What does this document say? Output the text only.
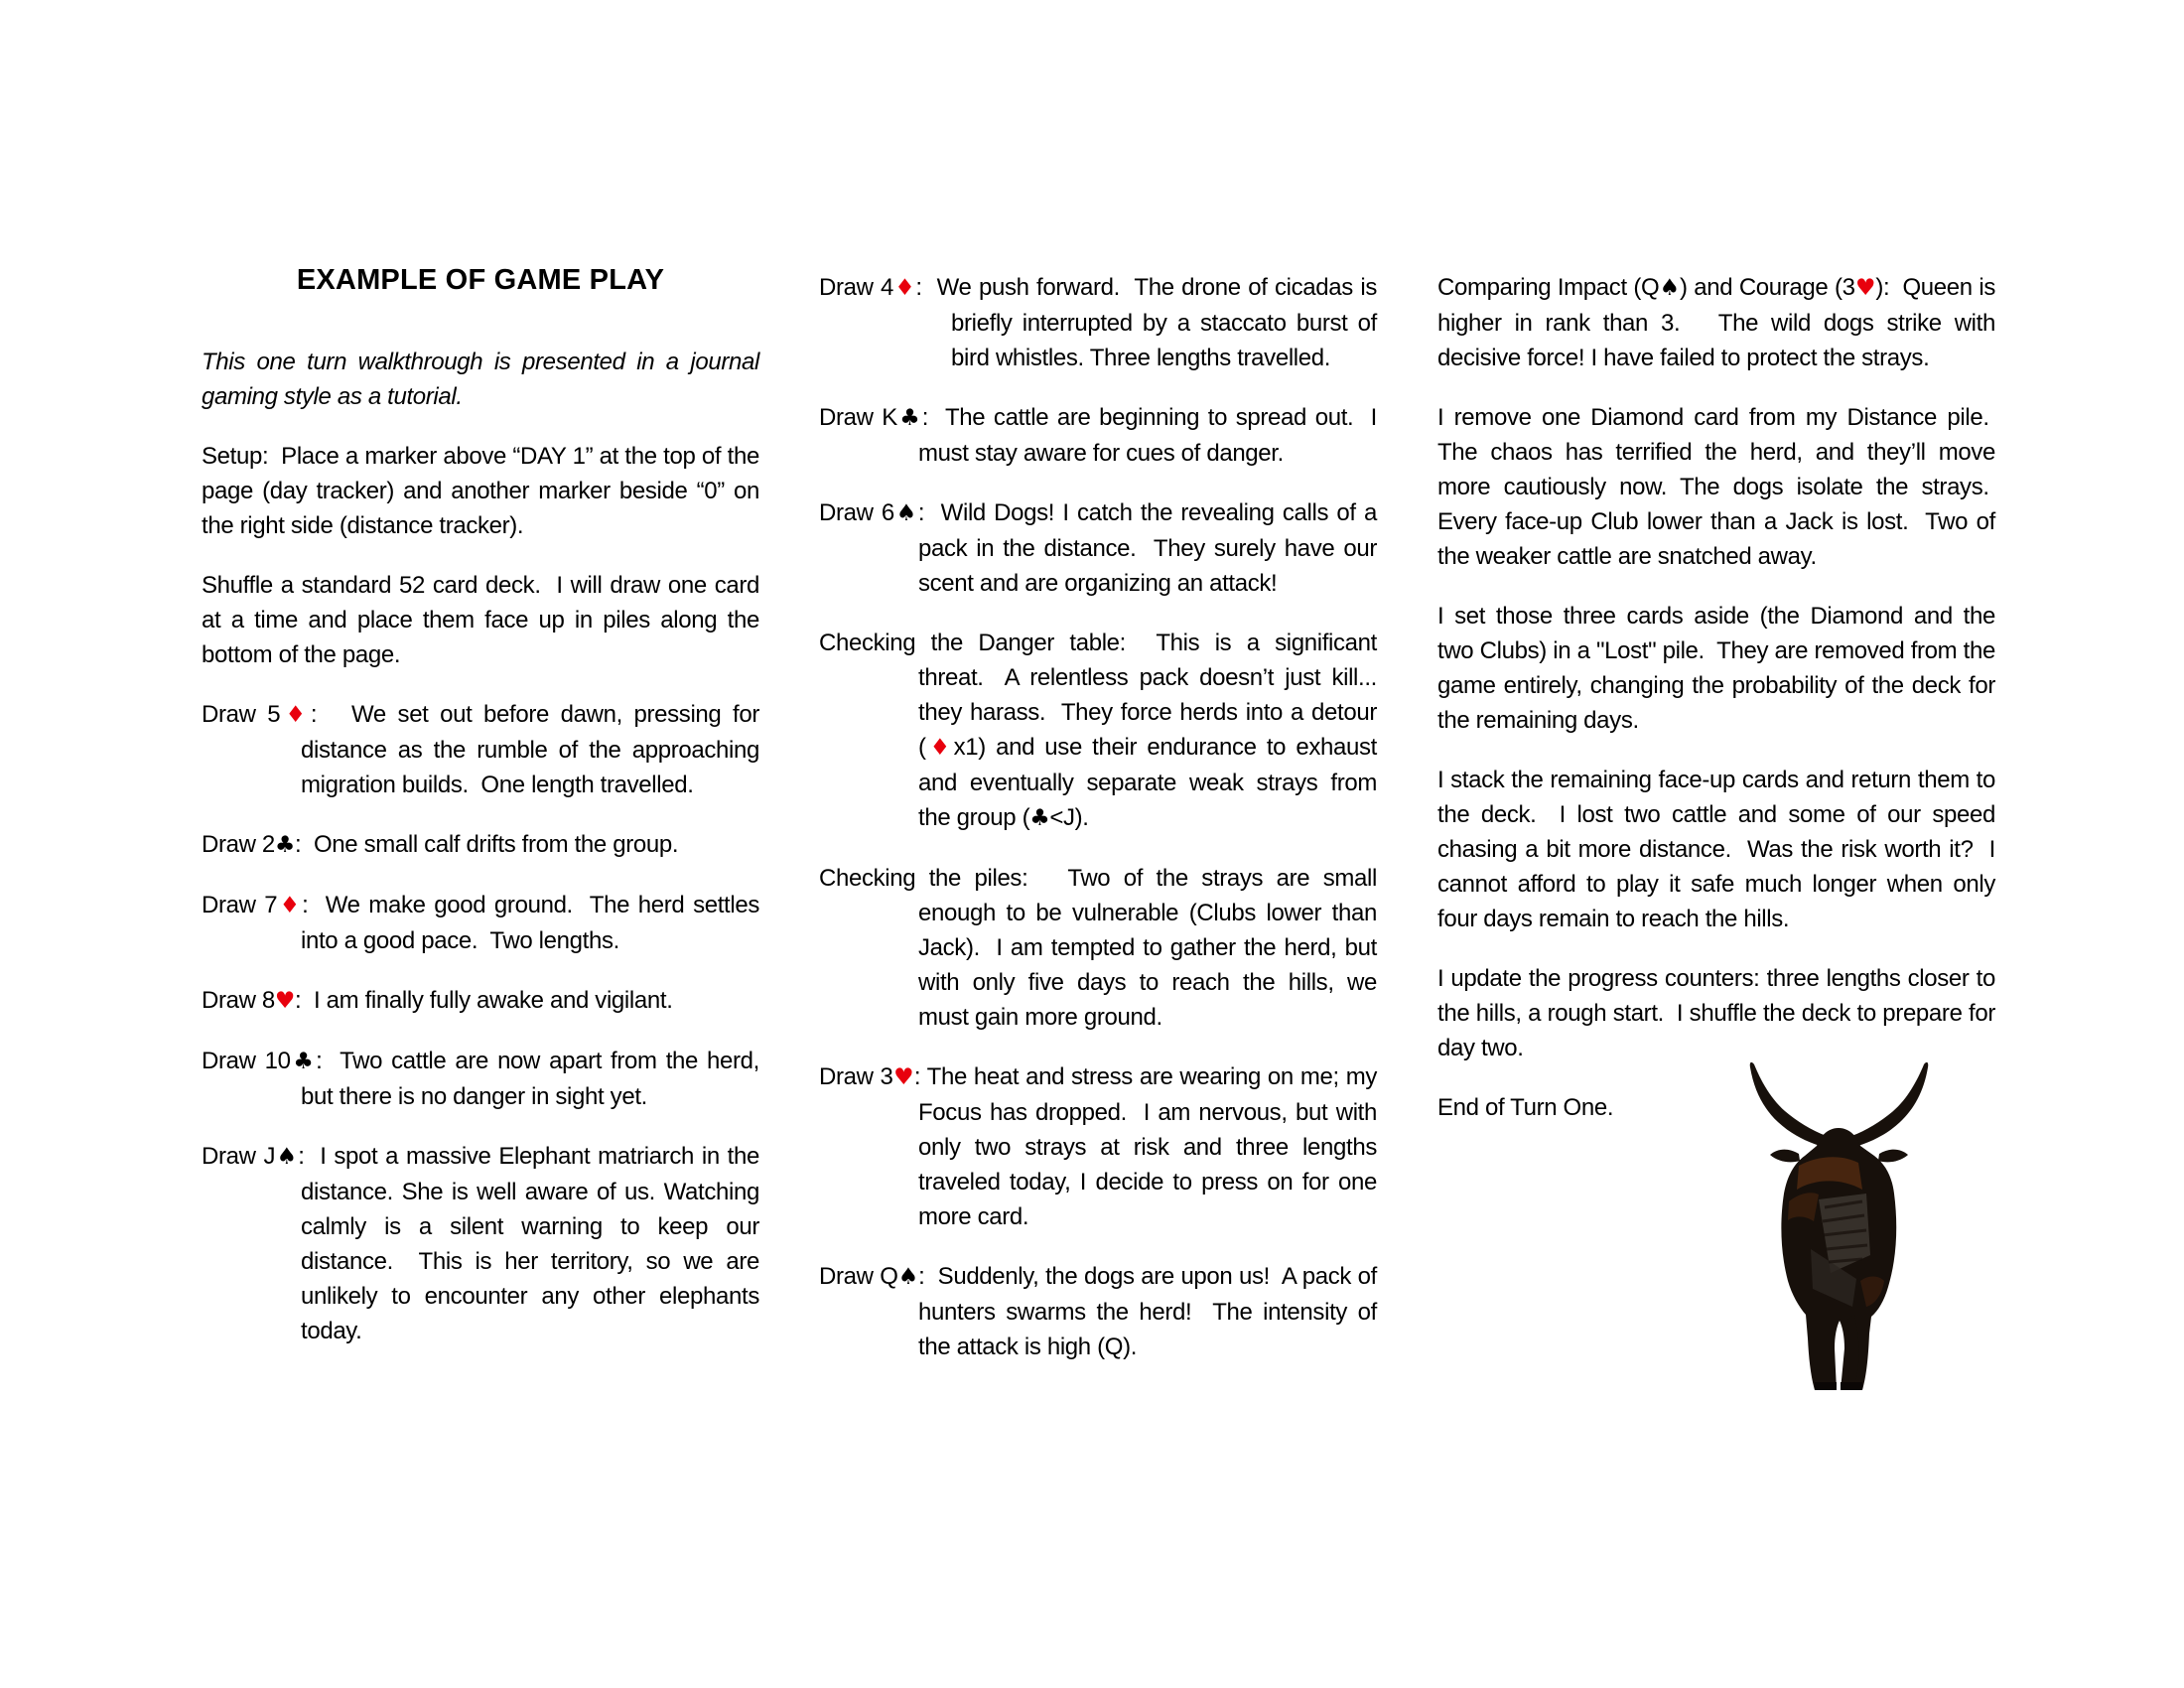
EXAMPLE OF GAME PLAY

This one turn walkthrough is presented in a journal gaming style as a tutorial.

Setup:  Place a marker above “DAY 1” at the top of the page (day tracker) and another marker beside “0” on the right side (distance tracker).

Shuffle a standard 52 card deck.  I will draw one card at a time and place them face up in piles along the bottom of the page.

Draw 5♦:   We set out before dawn, pressing for distance as the rumble of the approaching migration builds.  One length travelled.

Draw 2♣:  One small calf drifts from the group.

Draw 7♦:  We make good ground.  The herd settles into a good pace.  Two lengths.

Draw 8♥:  I am finally fully awake and vigilant.

Draw 10♣:  Two cattle are now apart from the herd, but there is no danger in sight yet.

Draw J♠:  I spot a massive Elephant matriarch in the distance. She is well aware of us. Watching calmly is a silent warning to keep our distance.  This is her territory, so we are unlikely to encounter any other elephants today.

Draw 4♦:  We push forward.  The drone of cicadas is briefly interrupted by a staccato burst of bird whistles. Three lengths travelled.

Draw K♣:  The cattle are beginning to spread out.  I must stay aware for cues of danger.

Draw 6♠:  Wild Dogs! I catch the revealing calls of a pack in the distance.  They surely have our scent and are organizing an attack!

Checking the Danger table:  This is a significant threat.  A relentless pack doesn’t just kill... they harass.  They force herds into a detour (♦x1) and use their endurance to exhaust and eventually separate weak strays from the group (♣<J).

Checking the piles:   Two of the strays are small enough to be vulnerable (Clubs lower than Jack).  I am tempted to gather the herd, but with only five days to reach the hills, we must gain more ground.

Draw 3♥: The heat and stress are wearing on me; my Focus has dropped.  I am nervous, but with only two strays at risk and three lengths traveled today, I decide to press on for one more card.

Draw Q♠:  Suddenly, the dogs are upon us!  A pack of hunters swarms the herd!  The intensity of the attack is high (Q).

Comparing Impact (Q♠) and Courage (3♥):  Queen is higher in rank than 3.   The wild dogs strike with decisive force! I have failed to protect the strays.

I remove one Diamond card from my Distance pile.  The chaos has terrified the herd, and they’ll move more cautiously now. The dogs isolate the strays.  Every face-up Club lower than a Jack is lost.  Two of the weaker cattle are snatched away.

I set those three cards aside (the Diamond and the two Clubs) in a "Lost" pile.  They are removed from the game entirely, changing the probability of the deck for the remaining days.

I stack the remaining face-up cards and return them to the deck.  I lost two cattle and some of our speed chasing a bit more distance.  Was the risk worth it?  I cannot afford to play it safe much longer when only four days remain to reach the hills.

I update the progress counters: three lengths closer to the hills, a rough start.  I shuffle the deck to prepare for day two.

End of Turn One.
